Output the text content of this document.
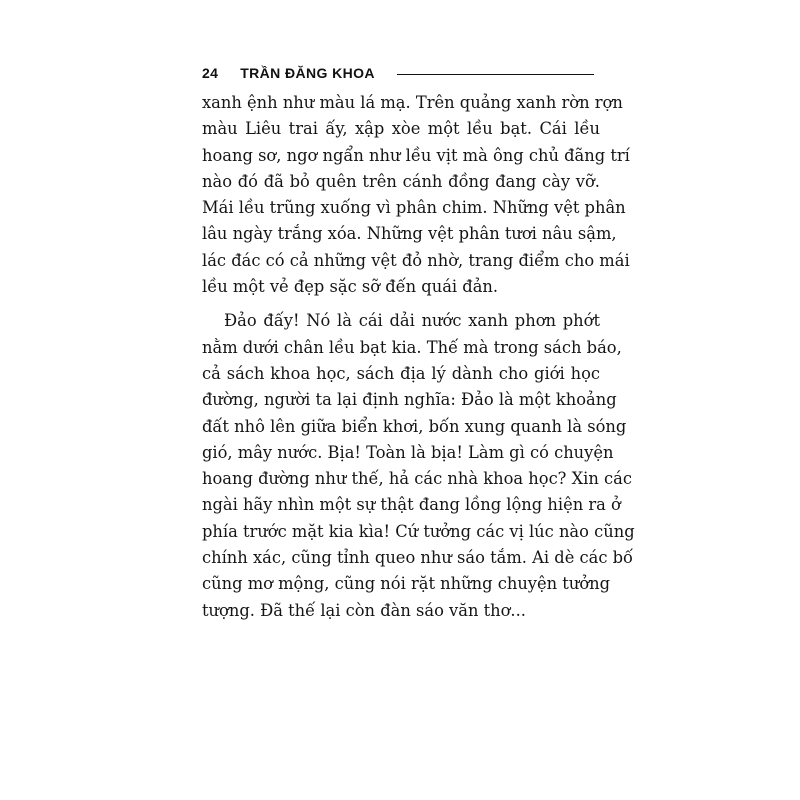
24 TRẦN ĐĂNG KHOA
xanh ệnh như màu lá mạ. Trên quảng xanh rờn rợn
màu Liêu trai ấy, xập xòe một lều bạt. Cái lều
hoang sơ, ngơ ngẩn như lều vịt mà ông chủ đãng trí
nào đó đã bỏ quên trên cánh đồng đang cày vỡ.
Mái lều trũng xuống vì phân chim. Những vệt phân
lâu ngày trắng xóa. Những vệt phân tươi nâu sậm,
lác đác có cả những vệt đỏ nhờ, trang điểm cho mái
lều một vẻ đẹp sặc sỡ đến quái đản.
Đảo đấy! Nó là cái dải nước xanh phơn phớt
nằm dưới chân lều bạt kia. Thế mà trong sách báo,
cả sách khoa học, sách địa lý dành cho giới học
đường, người ta lại định nghĩa: Đảo là một khoảng
đất nhô lên giữa biển khơi, bốn xung quanh là sóng
gió, mây nước. Bịa! Toàn là bịa! Làm gì có chuyện
hoang đường như thế, hả các nhà khoa học? Xin các
ngài hãy nhìn một sự thật đang lồng lộng hiện ra ở
phía trước mặt kia kìa! Cứ tưởng các vị lúc nào cũng
chính xác, cũng tỉnh queo như sáo tắm. Ai dè các bố
cũng mơ mộng, cũng nói rặt những chuyện tưởng
tượng. Đã thế lại còn đàn sáo văn thơ...
